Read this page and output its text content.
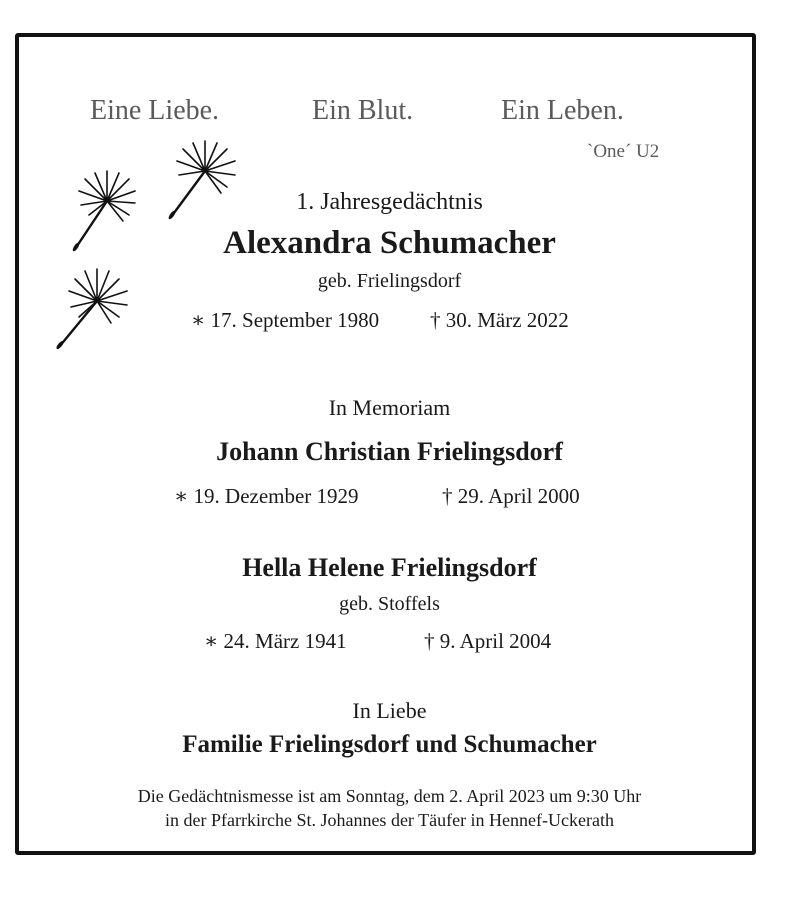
Eine Liebe.	Ein Blut.	Ein Leben.
`One´ U2
1. Jahresgedächtnis
Alexandra Schumacher
geb. Frielingsdorf
∗ 17. September 1980 † 30. März 2022
In Memoriam
Johann Christian Frielingsdorf
∗ 19. Dezember 1929	† 29. April 2000
Hella Helene Frielingsdorf
geb. Stoffels
∗ 24. März 1941	† 9. April 2004
In Liebe
Familie Frielingsdorf und Schumacher
Die Gedächtnismesse ist am Sonntag, dem 2. April 2023 um 9:30 Uhr
in der Pfarrkirche St. Johannes der Täufer in Hennef-Uckerath
